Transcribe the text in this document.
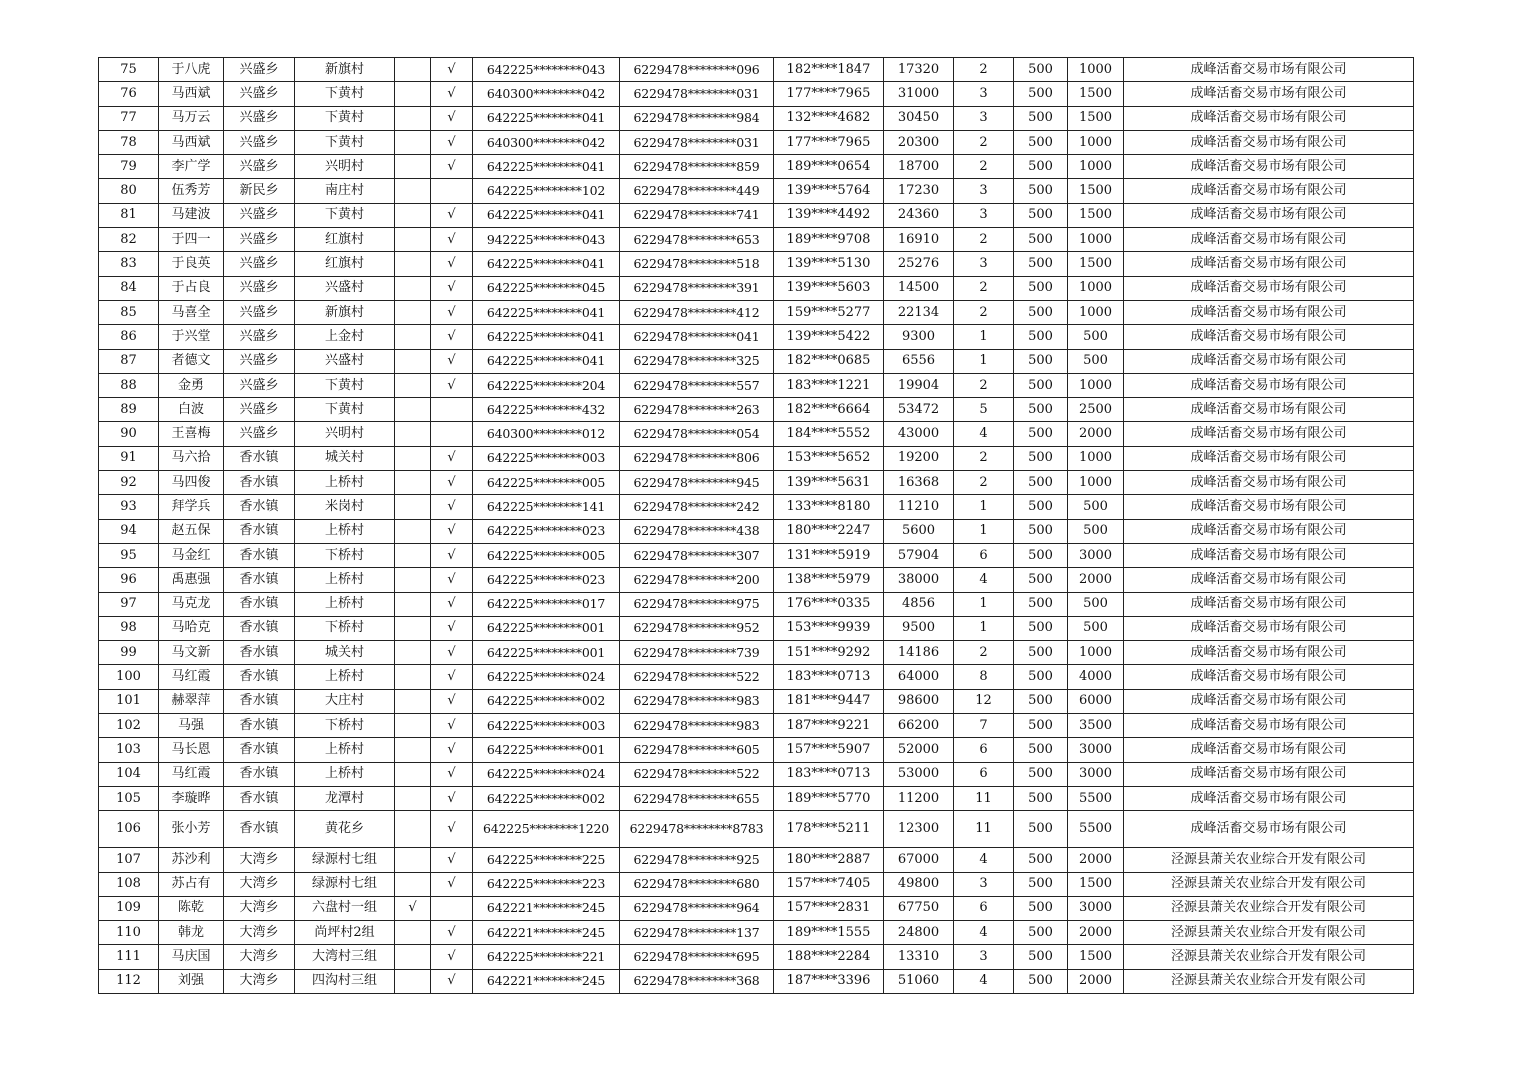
75	于八虎	兴盛乡	新旗村		√	642225********043	6229478********096	182****1847	17320	2	500	1000	成峰活畜交易市场有限公司
76	马西斌	兴盛乡	下黄村		√	640300********042	6229478********031	177****7965	31000	3	500	1500	成峰活畜交易市场有限公司
77	马万云	兴盛乡	下黄村		√	642225********041	6229478********984	132****4682	30450	3	500	1500	成峰活畜交易市场有限公司
78	马西斌	兴盛乡	下黄村		√	640300********042	6229478********031	177****7965	20300	2	500	1000	成峰活畜交易市场有限公司
79	李广学	兴盛乡	兴明村		√	642225********041	6229478********859	189****0654	18700	2	500	1000	成峰活畜交易市场有限公司
80	伍秀芳	新民乡	南庄村			642225********102	6229478********449	139****5764	17230	3	500	1500	成峰活畜交易市场有限公司
81	马建波	兴盛乡	下黄村		√	642225********041	6229478********741	139****4492	24360	3	500	1500	成峰活畜交易市场有限公司
82	于四一	兴盛乡	红旗村		√	942225********043	6229478********653	189****9708	16910	2	500	1000	成峰活畜交易市场有限公司
83	于良英	兴盛乡	红旗村		√	642225********041	6229478********518	139****5130	25276	3	500	1500	成峰活畜交易市场有限公司
84	于占良	兴盛乡	兴盛村		√	642225********045	6229478********391	139****5603	14500	2	500	1000	成峰活畜交易市场有限公司
85	马喜全	兴盛乡	新旗村		√	642225********041	6229478********412	159****5277	22134	2	500	1000	成峰活畜交易市场有限公司
86	于兴堂	兴盛乡	上金村		√	642225********041	6229478********041	139****5422	9300	1	500	500	成峰活畜交易市场有限公司
87	者德文	兴盛乡	兴盛村		√	642225********041	6229478********325	182****0685	6556	1	500	500	成峰活畜交易市场有限公司
88	金勇	兴盛乡	下黄村		√	642225********204	6229478********557	183****1221	19904	2	500	1000	成峰活畜交易市场有限公司
89	白波	兴盛乡	下黄村			642225********432	6229478********263	182****6664	53472	5	500	2500	成峰活畜交易市场有限公司
90	王喜梅	兴盛乡	兴明村			640300********012	6229478********054	184****5552	43000	4	500	2000	成峰活畜交易市场有限公司
91	马六拾	香水镇	城关村		√	642225********003	6229478********806	153****5652	19200	2	500	1000	成峰活畜交易市场有限公司
92	马四俊	香水镇	上桥村		√	642225********005	6229478********945	139****5631	16368	2	500	1000	成峰活畜交易市场有限公司
93	拜学兵	香水镇	米岗村		√	642225********141	6229478********242	133****8180	11210	1	500	500	成峰活畜交易市场有限公司
94	赵五保	香水镇	上桥村		√	642225********023	6229478********438	180****2247	5600	1	500	500	成峰活畜交易市场有限公司
95	马金红	香水镇	下桥村		√	642225********005	6229478********307	131****5919	57904	6	500	3000	成峰活畜交易市场有限公司
96	禹惠强	香水镇	上桥村		√	642225********023	6229478********200	138****5979	38000	4	500	2000	成峰活畜交易市场有限公司
97	马克龙	香水镇	上桥村		√	642225********017	6229478********975	176****0335	4856	1	500	500	成峰活畜交易市场有限公司
98	马哈克	香水镇	下桥村		√	642225********001	6229478********952	153****9939	9500	1	500	500	成峰活畜交易市场有限公司
99	马文新	香水镇	城关村		√	642225********001	6229478********739	151****9292	14186	2	500	1000	成峰活畜交易市场有限公司
100	马红霞	香水镇	上桥村		√	642225********024	6229478********522	183****0713	64000	8	500	4000	成峰活畜交易市场有限公司
101	赫翠萍	香水镇	大庄村		√	642225********002	6229478********983	181****9447	98600	12	500	6000	成峰活畜交易市场有限公司
102	马强	香水镇	下桥村		√	642225********003	6229478********983	187****9221	66200	7	500	3500	成峰活畜交易市场有限公司
103	马长恩	香水镇	上桥村		√	642225********001	6229478********605	157****5907	52000	6	500	3000	成峰活畜交易市场有限公司
104	马红霞	香水镇	上桥村		√	642225********024	6229478********522	183****0713	53000	6	500	3000	成峰活畜交易市场有限公司
105	李璇晔	香水镇	龙潭村		√	642225********002	6229478********655	189****5770	11200	11	500	5500	成峰活畜交易市场有限公司
106	张小芳	香水镇	黄花乡		√	642225********1220	6229478********8783	178****5211	12300	11	500	5500	成峰活畜交易市场有限公司
107	苏沙利	大湾乡	绿源村七组		√	642225********225	6229478********925	180****2887	67000	4	500	2000	泾源县萧关农业综合开发有限公司
108	苏占有	大湾乡	绿源村七组		√	642225********223	6229478********680	157****7405	49800	3	500	1500	泾源县萧关农业综合开发有限公司
109	陈乾	大湾乡	六盘村一组	√		642221********245	6229478********964	157****2831	67750	6	500	3000	泾源县萧关农业综合开发有限公司
110	韩龙	大湾乡	尚坪村2组		√	642221********245	6229478********137	189****1555	24800	4	500	2000	泾源县萧关农业综合开发有限公司
111	马庆国	大湾乡	大湾村三组		√	642225********221	6229478********695	188****2284	13310	3	500	1500	泾源县萧关农业综合开发有限公司
112	刘强	大湾乡	四沟村三组		√	642221********245	6229478********368	187****3396	51060	4	500	2000	泾源县萧关农业综合开发有限公司
